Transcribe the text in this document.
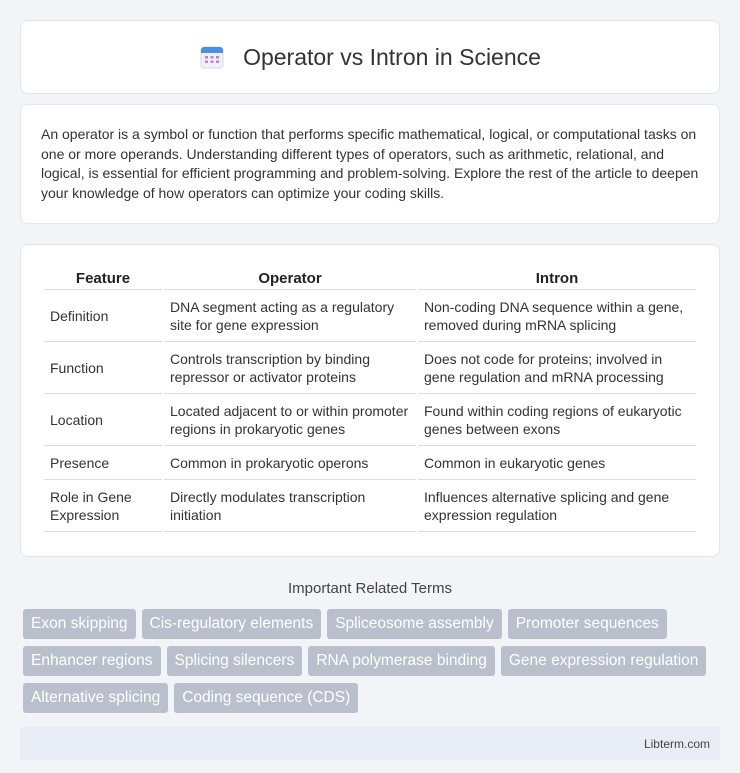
Operator vs Intron in Science

An operator is a symbol or function that performs specific mathematical, logical, or computational tasks on one or more operands. Understanding different types of operators, such as arithmetic, relational, and logical, is essential for efficient programming and problem-solving. Explore the rest of the article to deepen your knowledge of how operators can optimize your coding skills.

Feature	Operator	Intron
Definition	DNA segment acting as a regulatory site for gene expression	Non-coding DNA sequence within a gene, removed during mRNA splicing
Function	Controls transcription by binding repressor or activator proteins	Does not code for proteins; involved in gene regulation and mRNA processing
Location	Located adjacent to or within promoter regions in prokaryotic genes	Found within coding regions of eukaryotic genes between exons
Presence	Common in prokaryotic operons	Common in eukaryotic genes
Role in Gene Expression	Directly modulates transcription initiation	Influences alternative splicing and gene expression regulation
Important Related Terms
Exon skipping	Cis-regulatory elements	Spliceosome assembly	Promoter sequences
Enhancer regions	Splicing silencers	RNA polymerase binding	Gene expression regulation
Alternative splicing	Coding sequence (CDS)
Libterm.com
